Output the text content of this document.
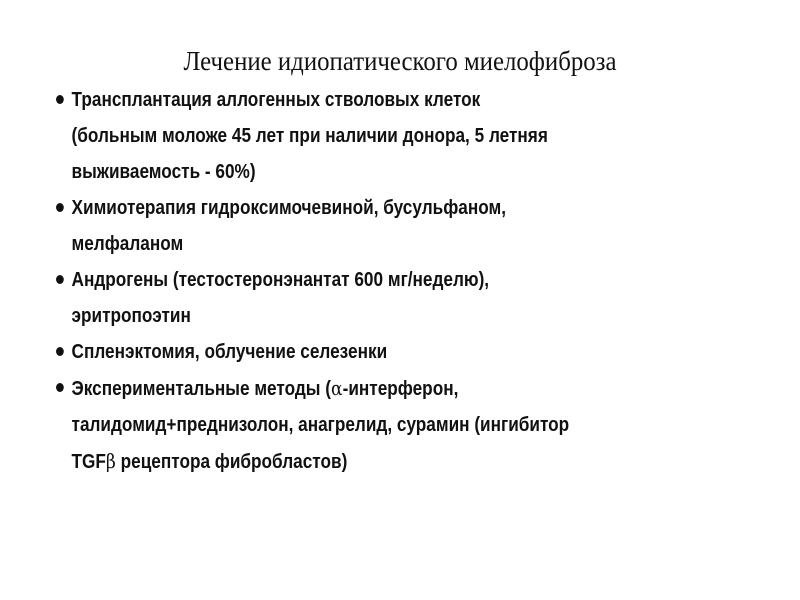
Лечение идиопатического миелофиброза
Трансплантация аллогенных стволовых клеток
(больным моложе 45 лет при наличии донора, 5 летняя
выживаемость - 60%)
Химиотерапия гидроксимочевиной, бусульфаном,
мелфаланом
Андрогены (тестостеронэнантат 600 мг/неделю),
эритропоэтин
Спленэктомия, облучение селезенки
Экспериментальные методы (α-интерферон,
талидомид+преднизолон, анагрелид, сурамин (ингибитор
TGFβ рецептора фибробластов)
